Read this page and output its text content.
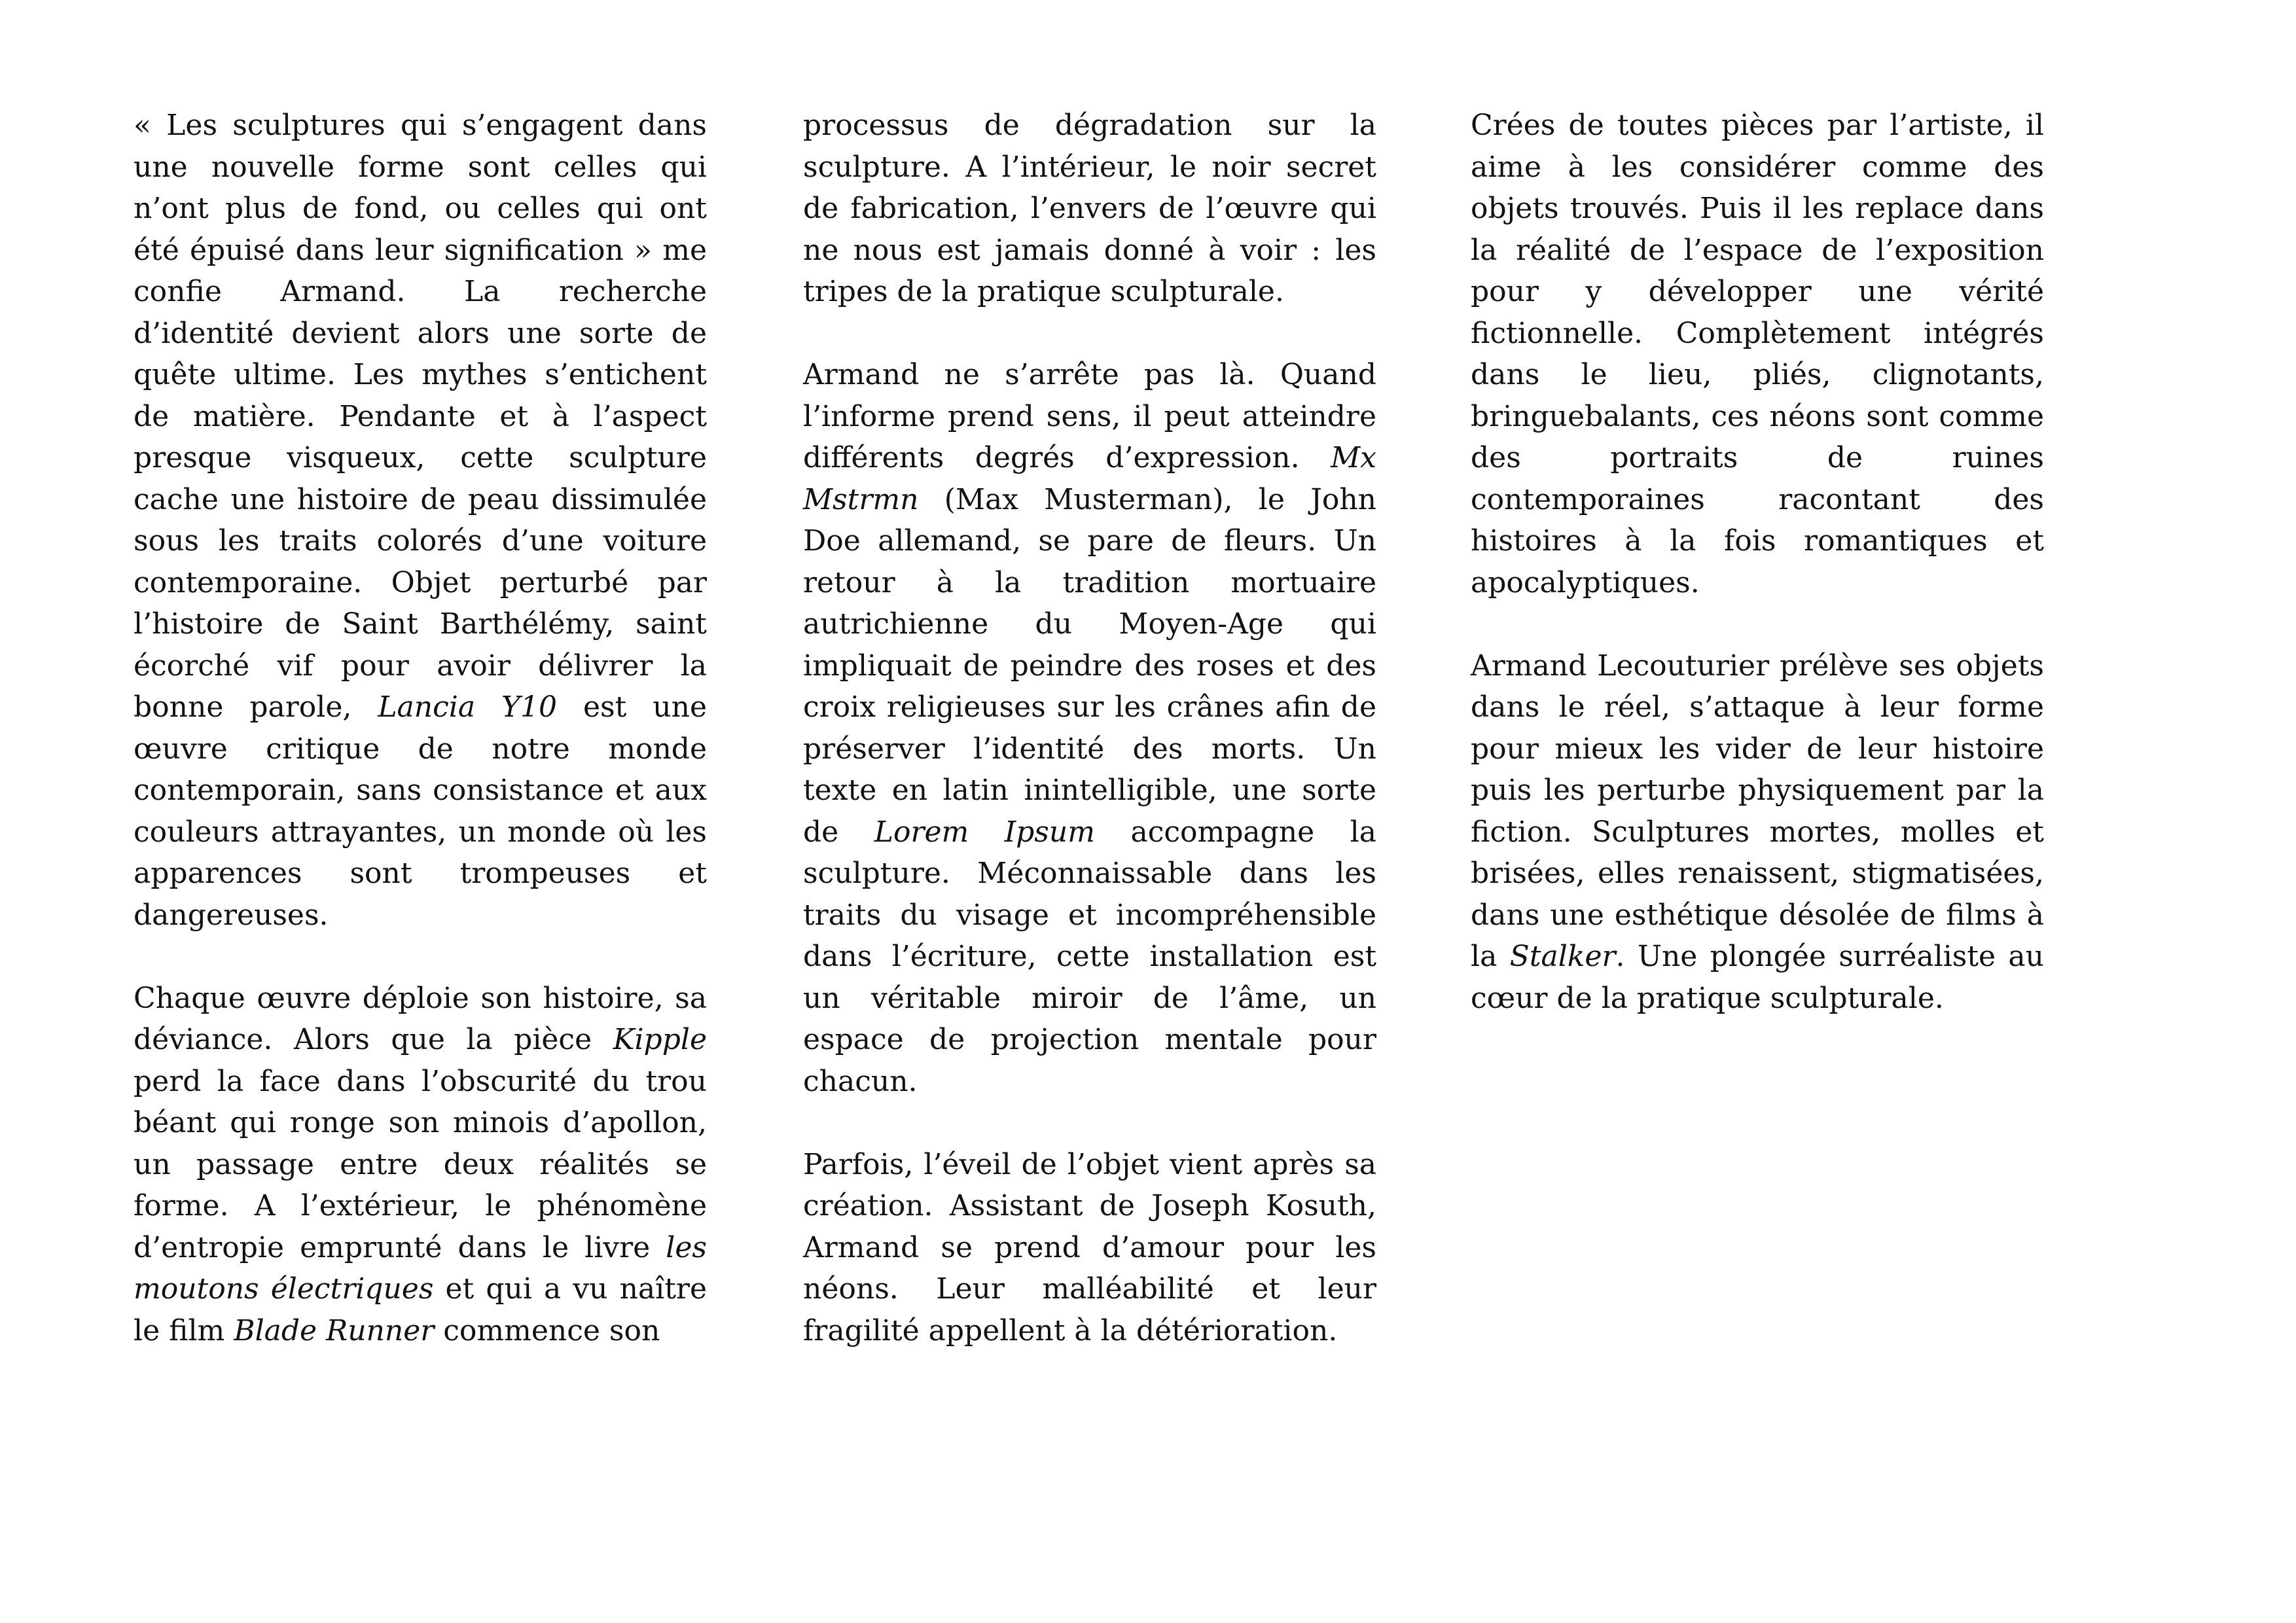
« Les sculptures qui s’engagent dans une nouvelle forme sont celles qui n’ont plus de fond, ou celles qui ont été épuisé dans leur signification » me confie Armand. La recherche d’identité devient alors une sorte de quête ultime. Les mythes s’entichent de matière. Pendante et à l’aspect presque visqueux, cette sculpture cache une histoire de peau dissimulée sous les traits colorés d’une voiture contemporaine. Objet perturbé par l’histoire de Saint Barthélémy, saint écorché vif pour avoir délivrer la bonne parole, Lancia Y10 est une œuvre critique de notre monde contemporain, sans consistance et aux couleurs attrayantes, un monde où les apparences sont trompeuses et dangereuses.

Chaque œuvre déploie son histoire, sa déviance. Alors que la pièce Kipple perd la face dans l’obscurité du trou béant qui ronge son minois d’apollon, un passage entre deux réalités se forme. A l’extérieur, le phénomène d’entropie emprunté dans le livre les moutons électriques et qui a vu naître le film Blade Runner commence son

processus de dégradation sur la sculpture. A l’intérieur, le noir secret de fabrication, l’envers de l’œuvre qui ne nous est jamais donné à voir : les tripes de la pratique sculpturale.

Armand ne s’arrête pas là. Quand l’informe prend sens, il peut atteindre différents degrés d’expression. Mx Mstrmn (Max Musterman), le John Doe allemand, se pare de fleurs. Un retour à la tradition mortuaire autrichienne du Moyen-Age qui impliquait de peindre des roses et des croix religieuses sur les crânes afin de préserver l’identité des morts. Un texte en latin inintelligible, une sorte de Lorem Ipsum accompagne la sculpture. Méconnaissable dans les traits du visage et incompréhensible dans l’écriture, cette installation est un véritable miroir de l’âme, un espace de projection mentale pour chacun.

Parfois, l’éveil de l’objet vient après sa création. Assistant de Joseph Kosuth, Armand se prend d’amour pour les néons. Leur malléabilité et leur fragilité appellent à la détérioration.

Crées de toutes pièces par l’artiste, il aime à les considérer comme des objets trouvés. Puis il les replace dans la réalité de l’espace de l’exposition pour y développer une vérité fictionnelle. Complètement intégrés dans le lieu, pliés, clignotants, bringuebalants, ces néons sont comme des portraits de ruines contemporaines racontant des histoires à la fois romantiques et apocalyptiques.

Armand Lecouturier prélève ses objets dans le réel, s’attaque à leur forme pour mieux les vider de leur histoire puis les perturbe physiquement par la fiction. Sculptures mortes, molles et brisées, elles renaissent, stigmatisées, dans une esthétique désolée de films à la Stalker. Une plongée surréaliste au cœur de la pratique sculpturale.
